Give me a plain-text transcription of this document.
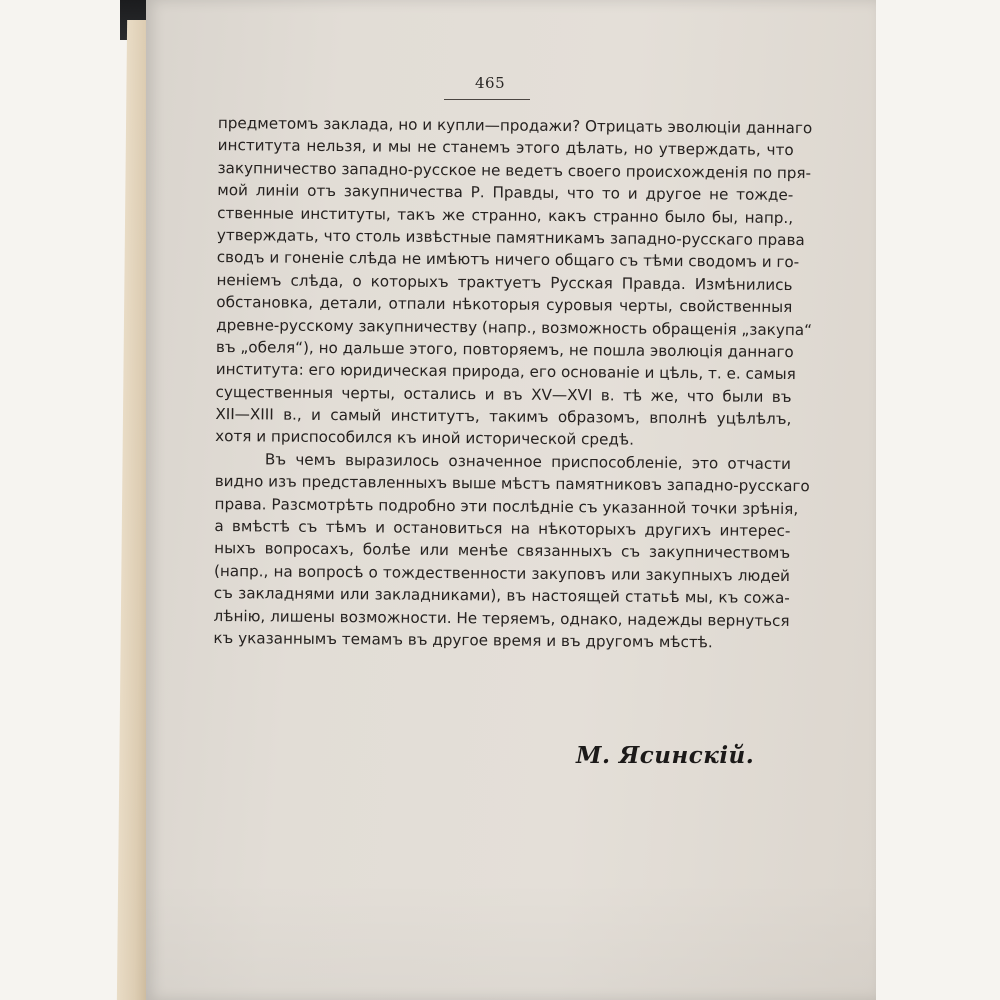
465
предметомъ заклада, но и купли—продажи? Отрицать эволюціи даннаго
института нельзя, и мы не станемъ этого дѣлать, но утверждать, что
закупничество западно-русское не ведетъ своего происхожденія по пря-
мой линіи отъ закупничества Р. Правды, что то и другое не тожде-
ственные институты, такъ же странно, какъ странно было бы, напр.,
утверждать, что столь извѣстные памятникамъ западно-русскаго права
сводъ и гоненіе слѣда не имѣютъ ничего общаго съ тѣми сводомъ и го-
неніемъ слѣда, о которыхъ трактуетъ Русская Правда. Измѣнились
обстановка, детали, отпали нѣкоторыя суровыя черты, свойственныя
древне-русскому закупничеству (напр., возможность обращенія „закупа“
въ „обеля“), но дальше этого, повторяемъ, не пошла эволюція даннаго
института: его юридическая природа, его основаніе и цѣль, т. е. самыя
существенныя черты, остались и въ XV—XVI в. тѣ же, что были въ
XII—XIII в., и самый институтъ, такимъ образомъ, вполнѣ уцѣлѣлъ,
хотя и приспособился къ иной исторической средѣ.
Въ чемъ выразилось означенное приспособленіе, это отчасти
видно изъ представленныхъ выше мѣстъ памятниковъ западно-русскаго
права. Разсмотрѣть подробно эти послѣдніе съ указанной точки зрѣнія,
а вмѣстѣ съ тѣмъ и остановиться на нѣкоторыхъ другихъ интерес-
ныхъ вопросахъ, болѣе или менѣе связанныхъ съ закупничествомъ
(напр., на вопросѣ о тождественности закуповъ или закупныхъ людей
съ закладнями или закладниками), въ настоящей статьѣ мы, къ сожа-
лѣнію, лишены возможности. Не теряемъ, однако, надежды вернуться
къ указаннымъ темамъ въ другое время и въ другомъ мѣстѣ.
М. Ясинскій.
